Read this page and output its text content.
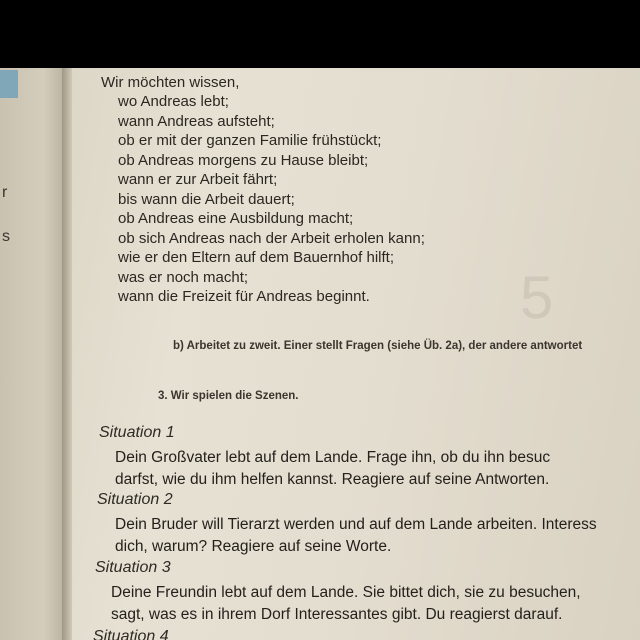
r
s
5
Wir möchten wissen,
wo Andreas lebt;
wann Andreas aufsteht;
ob er mit der ganzen Familie frühstückt;
ob Andreas morgens zu Hause bleibt;
wann er zur Arbeit fährt;
bis wann die Arbeit dauert;
ob Andreas eine Ausbildung macht;
ob sich Andreas nach der Arbeit erholen kann;
wie er den Eltern auf dem Bauernhof hilft;
was er noch macht;
wann die Freizeit für Andreas beginnt.
b) Arbeitet zu zweit. Einer stellt Fragen (siehe Üb. 2a), der andere antwortet
3. Wir spielen die Szenen.
Situation 1
Dein Großvater lebt auf dem Lande. Frage ihn, ob du ihn besuc
darfst, wie du ihm helfen kannst. Reagiere auf seine Antworten.
Situation 2
Dein Bruder will Tierarzt werden und auf dem Lande arbeiten. Interess
dich, warum? Reagiere auf seine Worte.
Situation 3
Deine Freundin lebt auf dem Lande. Sie bittet dich, sie zu besuchen,
sagt, was es in ihrem Dorf Interessantes gibt. Du reagierst darauf.
Situation 4
